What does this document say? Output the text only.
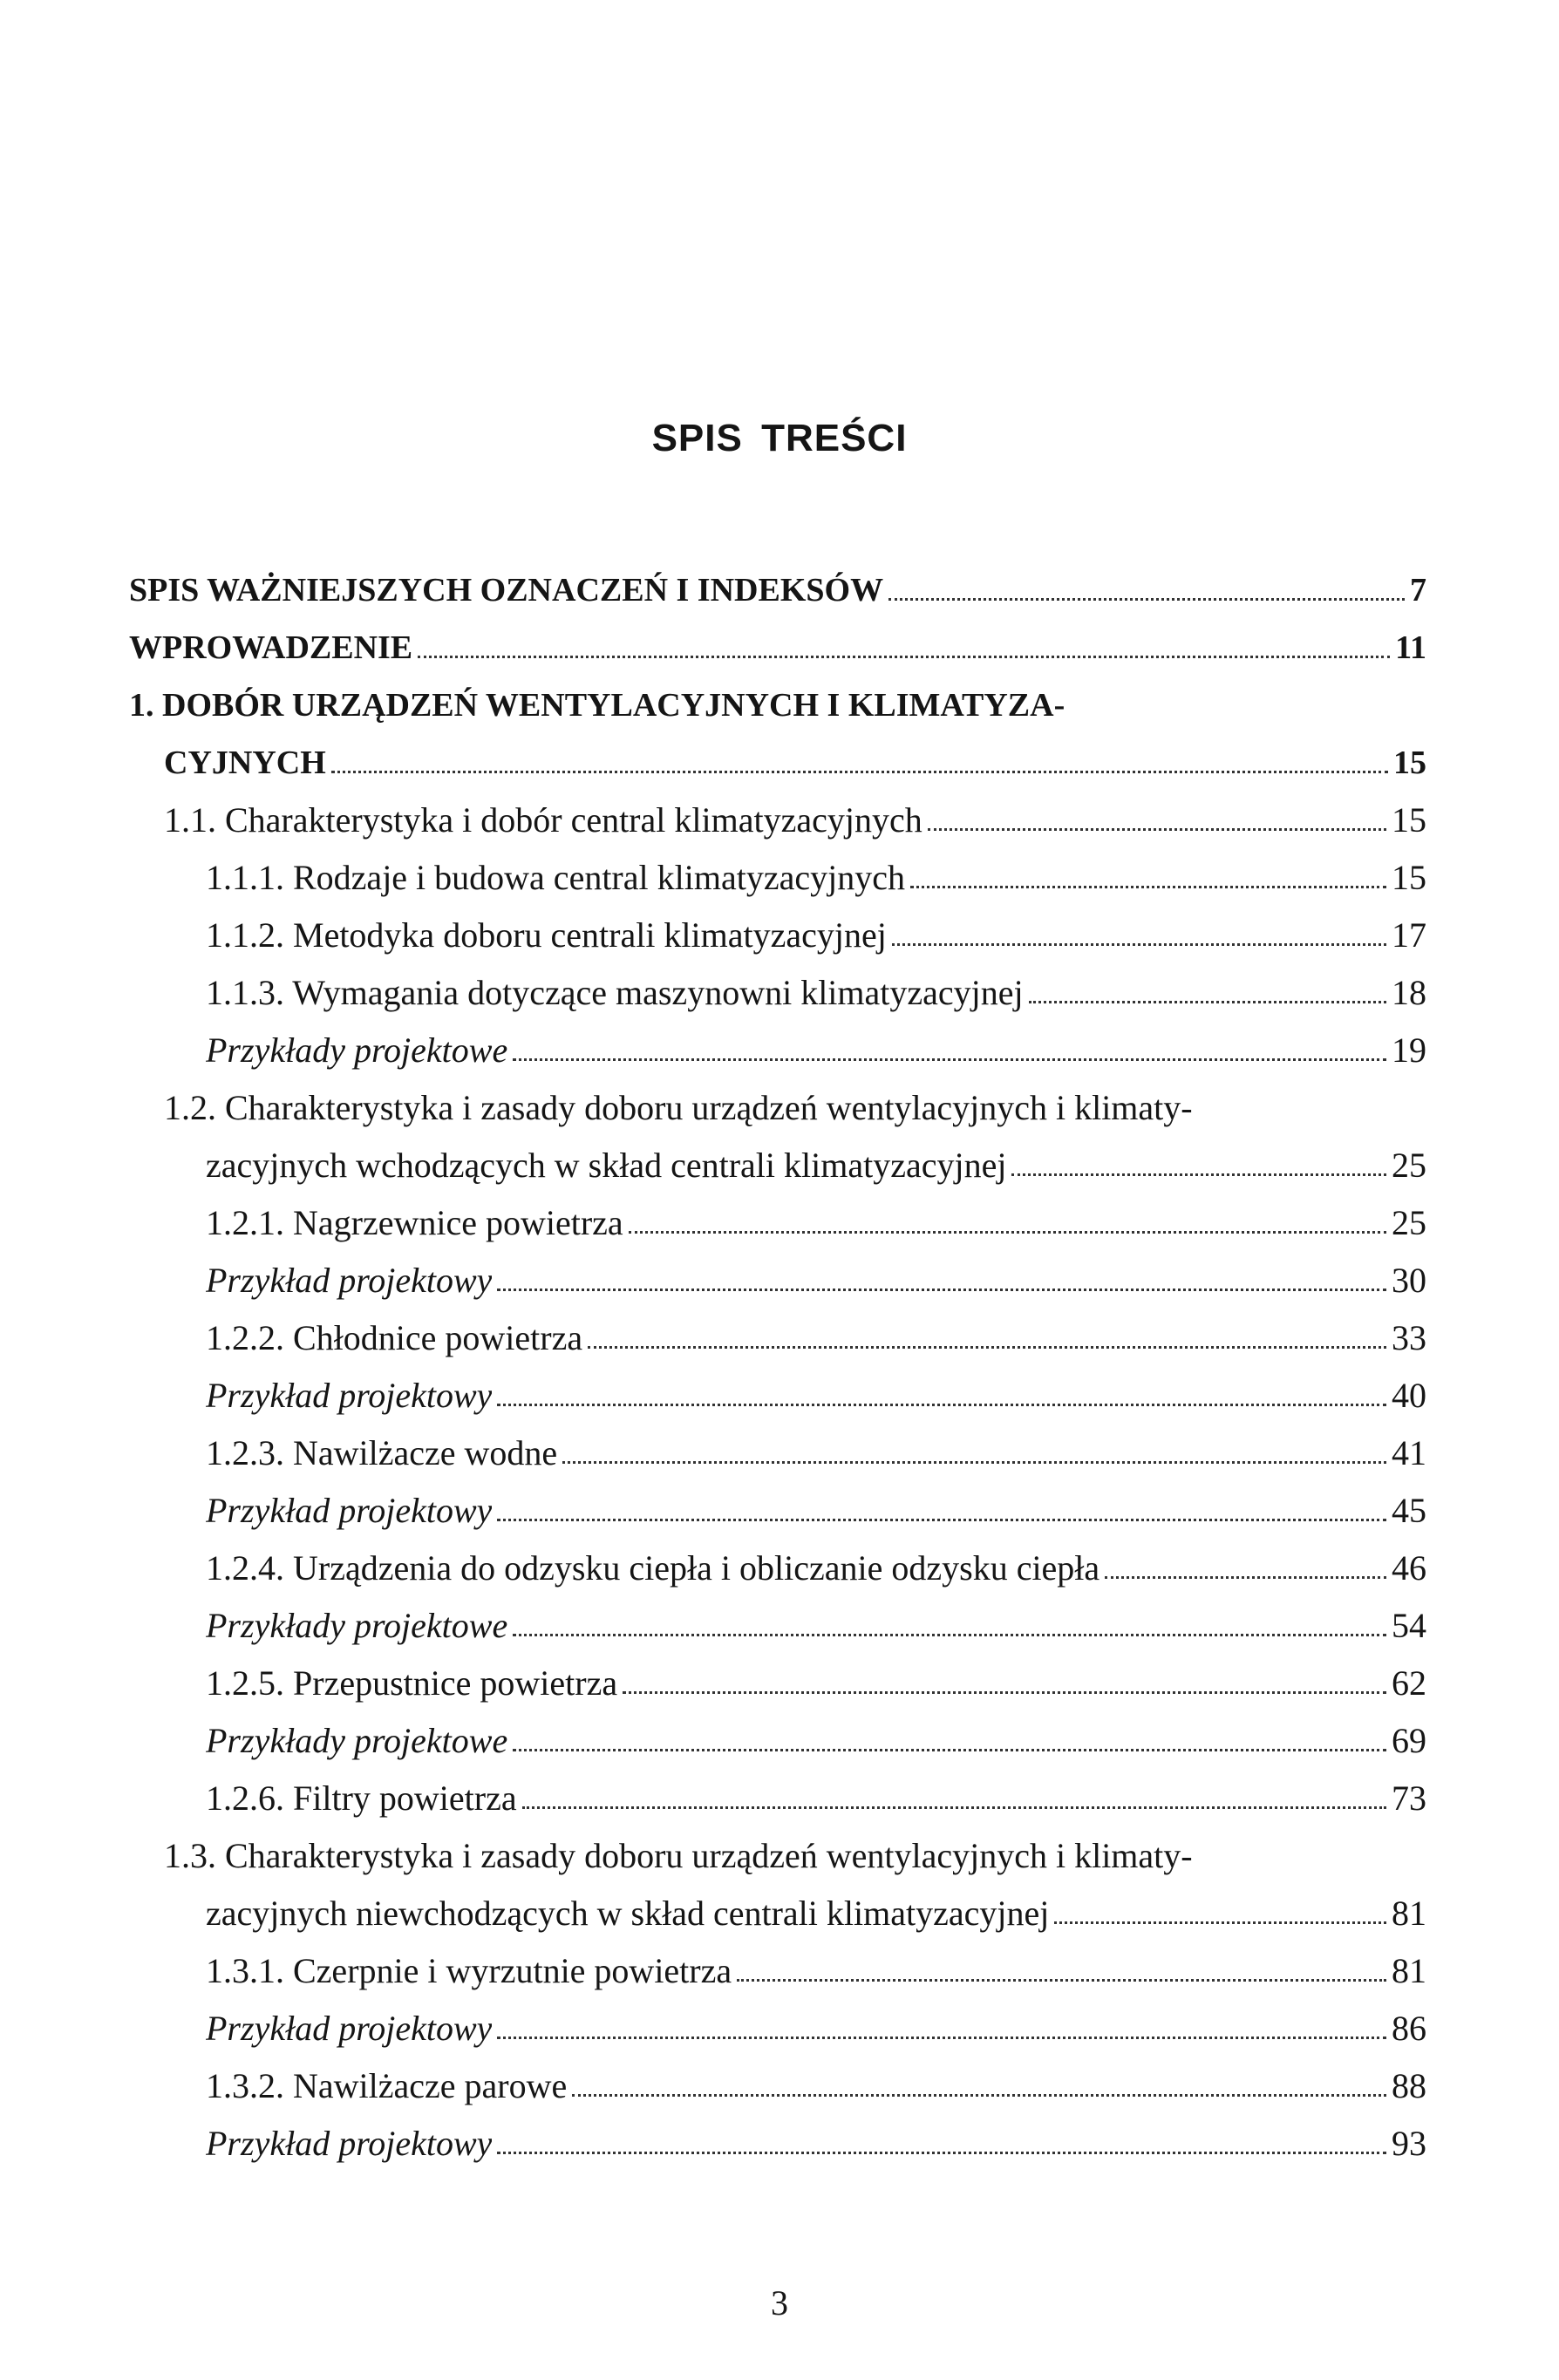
SPIS TREŚCI
SPIS WAŻNIEJSZYCH OZNACZEŃ I INDEKSÓW	7
WPROWADZENIE	11
1. DOBÓR URZĄDZEŃ WENTYLACYJNYCH I KLIMATYZA-
CYJNYCH	15
1.1. Charakterystyka i dobór central klimatyzacyjnych	15
1.1.1. Rodzaje i budowa central klimatyzacyjnych	15
1.1.2. Metodyka doboru centrali klimatyzacyjnej	17
1.1.3. Wymagania dotyczące maszynowni klimatyzacyjnej	18
Przykłady projektowe	19
1.2. Charakterystyka i zasady doboru urządzeń wentylacyjnych i klimaty-
zacyjnych wchodzących w skład centrali klimatyzacyjnej	25
1.2.1. Nagrzewnice powietrza	25
Przykład projektowy	30
1.2.2. Chłodnice powietrza	33
Przykład projektowy	40
1.2.3. Nawilżacze wodne	41
Przykład projektowy	45
1.2.4. Urządzenia do odzysku ciepła i obliczanie odzysku ciepła	46
Przykłady projektowe	54
1.2.5. Przepustnice powietrza	62
Przykłady projektowe	69
1.2.6. Filtry powietrza	73
1.3. Charakterystyka i zasady doboru urządzeń wentylacyjnych i klimaty-
zacyjnych niewchodzących w skład centrali klimatyzacyjnej	81
1.3.1. Czerpnie i wyrzutnie powietrza	81
Przykład projektowy	86
1.3.2. Nawilżacze parowe	88
Przykład projektowy	93

3
